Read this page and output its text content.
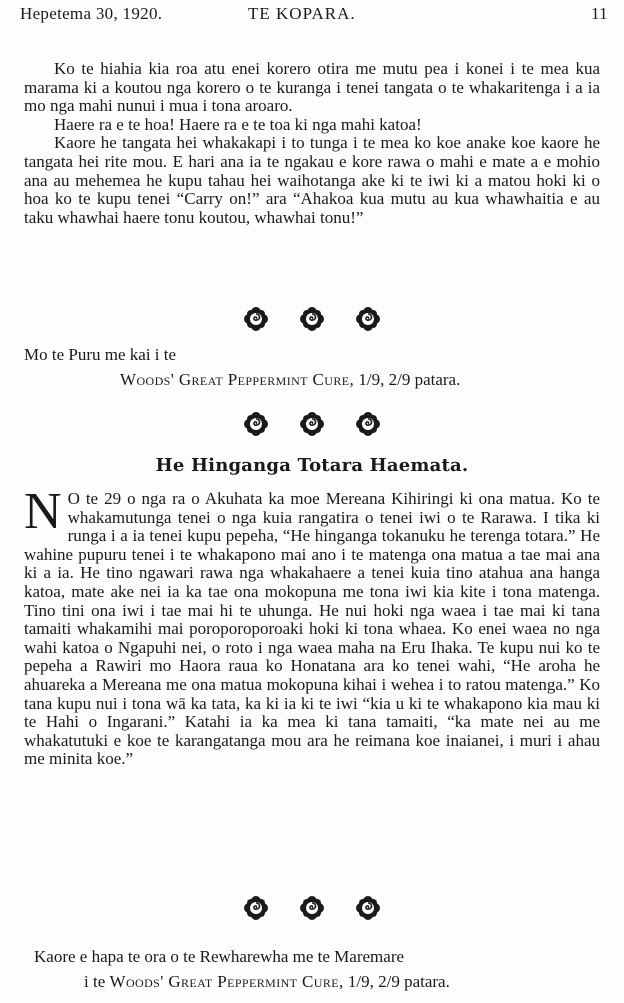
Hepetema 30, 1920.	TE KOPARA.	11

Ko te hiahia kia roa atu enei korero otira me mutu pea i konei i te mea kua marama ki a koutou nga korero o te kuranga i tenei tangata o te whakaritenga i a ia mo nga mahi nunui i mua i tona aroaro.

Haere ra e te hoa! Haere ra e te toa ki nga mahi katoa!

Kaore he tangata hei whakakapi i to tunga i te mea ko koe anake koe kaore he tangata hei rite mou. E hari ana ia te ngakau e kore rawa o mahi e mate a e mohio ana au mehemea he kupu tahau hei waihotanga ake ki te iwi ki a matou hoki ki o hoa ko te kupu tenei “Carry on!” ara “Ahakoa kua mutu au kua whawhaitia e au taku whawhai haere tonu koutou, whawhai tonu!”

Mo te Puru me kai i te
Woods' Great Peppermint Cure, 1/9, 2/9 patara.
He Hinganga Totara Haemata.

N O te 29 o nga ra o Akuhata ka moe Mereana Kihiringi ki ona matua. Ko te whakamutunga tenei o nga kuia rangatira o tenei iwi o te Rarawa. I tika ki runga i a ia tenei kupu pepeha, “He hinganga tokanuku he terenga totara.” He wahine pupuru tenei i te whakapono mai ano i te matenga ona matua a tae mai ana ki a ia. He tino ngawari rawa nga whakahaere a tenei kuia tino atahua ana hanga katoa, mate ake nei ia ka tae ona mokopuna me tona iwi kia kite i tona matenga. Tino tini ona iwi i tae mai hi te uhunga. He nui hoki nga waea i tae mai ki tana tamaiti whakamihi mai poroporoporoaki hoki ki tona whaea. Ko enei waea no nga wahi katoa o Ngapuhi nei, o roto i nga waea maha na Eru Ihaka. Te kupu nui ko te pepeha a Rawiri mo Haora raua ko Honatana ara ko tenei wahi, “He aroha he ahuareka a Mereana me ona matua mokopuna kihai i wehea i to ratou matenga.” Ko tana kupu nui i tona wā ka tata, ka ki ia ki te iwi “kia u ki te whakapono kia mau ki te Hahi o Ingarani.” Katahi ia ka mea ki tana tamaiti, “ka mate nei au me whakatutuki e koe te karangatanga mou ara he reimana koe inaianei, i muri i ahau me minita koe.”

Kaore e hapa te ora o te Rewharewha me te Maremare
i te Woods' Great Peppermint Cure, 1/9, 2/9 patara.
